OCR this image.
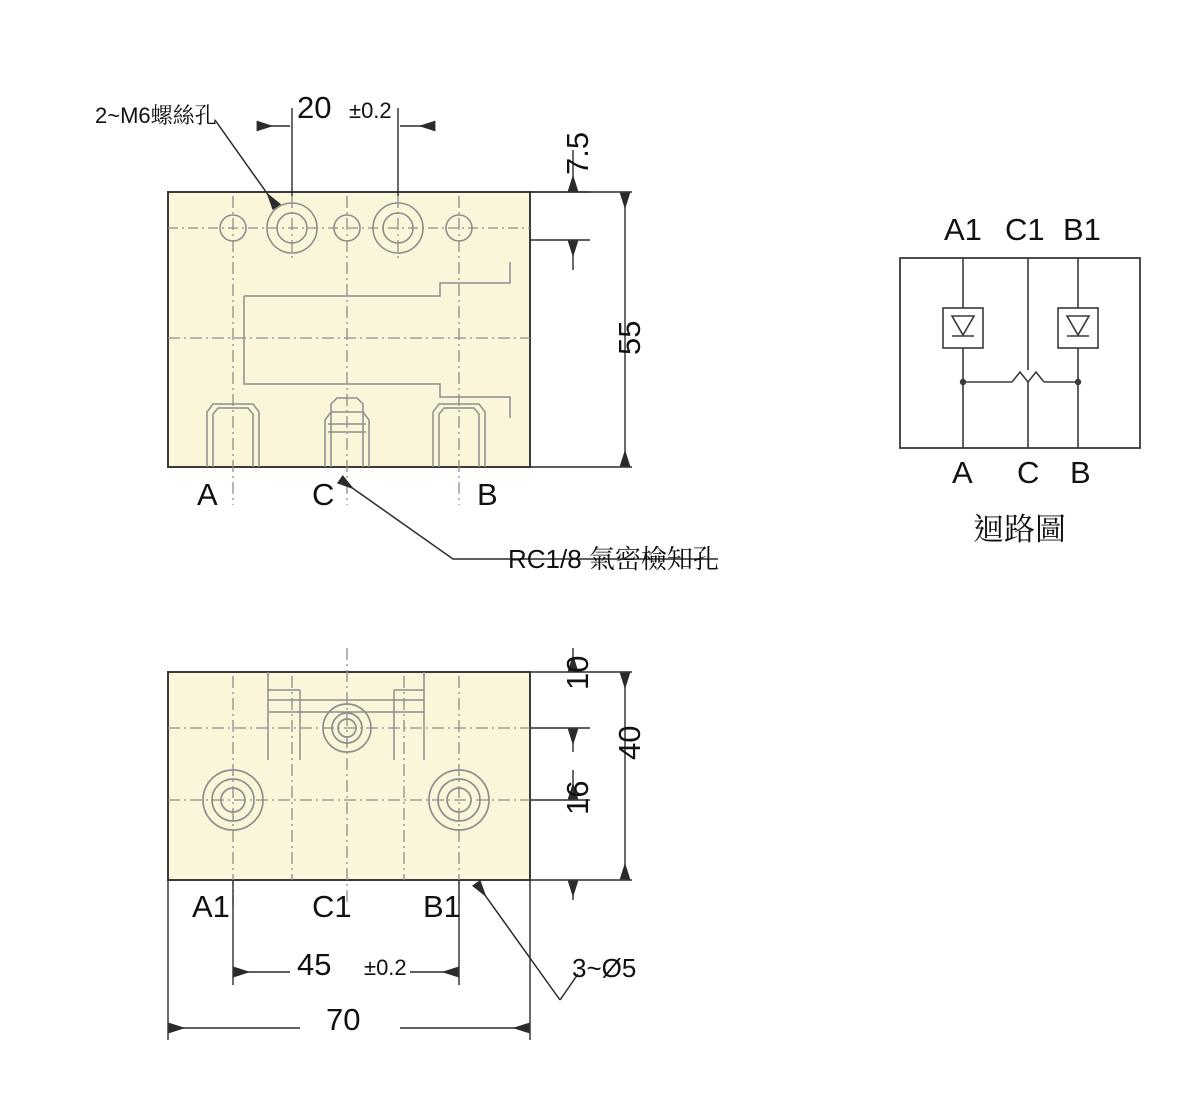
2~M6螺絲孔	20 ±0.2
7.5
55
A	C	B
RC1/8 氣密檢知孔
10
16
40
A1	C1 B1
45 ±0.2
70
3~Ø5
A1 C1 B1
A C B
迴路圖
